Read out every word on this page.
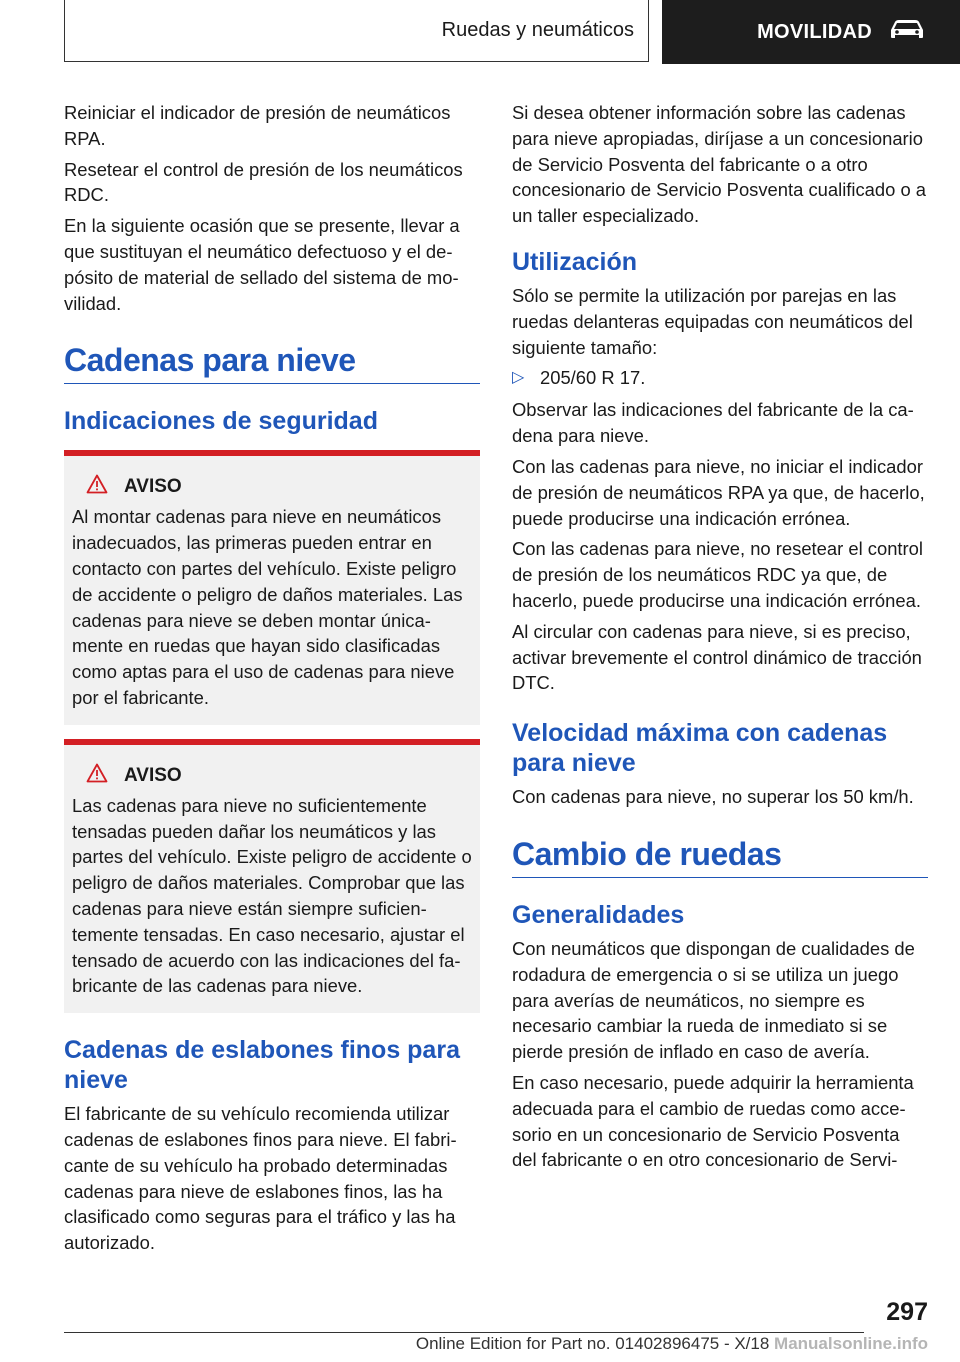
Ruedas y neumáticos	MOVILIDAD

Reiniciar el indicador de presión de neumáticos RPA.

Resetear el control de presión de los neumáticos RDC.

En la siguiente ocasión que se presente, llevar a que sustituyan el neumático defectuoso y el depósito de material de sellado del sistema de movilidad.

Cadenas para nieve
Indicaciones de seguridad
AVISO

Al montar cadenas para nieve en neumáticos inadecuados, las primeras pueden entrar en contacto con partes del vehículo. Existe peligro de accidente o peligro de daños materiales. Las cadenas para nieve se deben montar únicamente en ruedas que hayan sido clasificadas como aptas para el uso de cadenas para nieve por el fabricante.

AVISO

Las cadenas para nieve no suficientemente tensadas pueden dañar los neumáticos y las partes del vehículo. Existe peligro de accidente o peligro de daños materiales. Comprobar que las cadenas para nieve están siempre suficientemente tensadas. En caso necesario, ajustar el tensado de acuerdo con las indicaciones del fabricante de las cadenas para nieve.

Cadenas de eslabones finos para nieve

El fabricante de su vehículo recomienda utilizar cadenas de eslabones finos para nieve. El fabricante de su vehículo ha probado determinadas cadenas para nieve de eslabones finos, las ha clasificado como seguras para el tráfico y las ha autorizado.

Si desea obtener información sobre las cadenas para nieve apropiadas, diríjase a un concesionario de Servicio Posventa del fabricante o a otro concesionario de Servicio Posventa cualificado o a un taller especializado.

Utilización

Sólo se permite la utilización por parejas en las ruedas delanteras equipadas con neumáticos del siguiente tamaño:

▷ 205/60 R 17.

Observar las indicaciones del fabricante de la cadena para nieve.

Con las cadenas para nieve, no iniciar el indicador de presión de neumáticos RPA ya que, de hacerlo, puede producirse una indicación errónea.

Con las cadenas para nieve, no resetear el control de presión de los neumáticos RDC ya que, de hacerlo, puede producirse una indicación errónea.

Al circular con cadenas para nieve, si es preciso, activar brevemente el control dinámico de tracción DTC.

Velocidad máxima con cadenas para nieve

Con cadenas para nieve, no superar los 50 km/h.

Cambio de ruedas
Generalidades

Con neumáticos que dispongan de cualidades de rodadura de emergencia o si se utiliza un juego para averías de neumáticos, no siempre es necesario cambiar la rueda de inmediato si se pierde presión de inflado en caso de avería.

En caso necesario, puede adquirir la herramienta adecuada para el cambio de ruedas como accesorio en un concesionario de Servicio Posventa del fabricante o en otro concesionario de Servi-

297
Online Edition for Part no. 01402896475 - X/18 Manualsonline.info
